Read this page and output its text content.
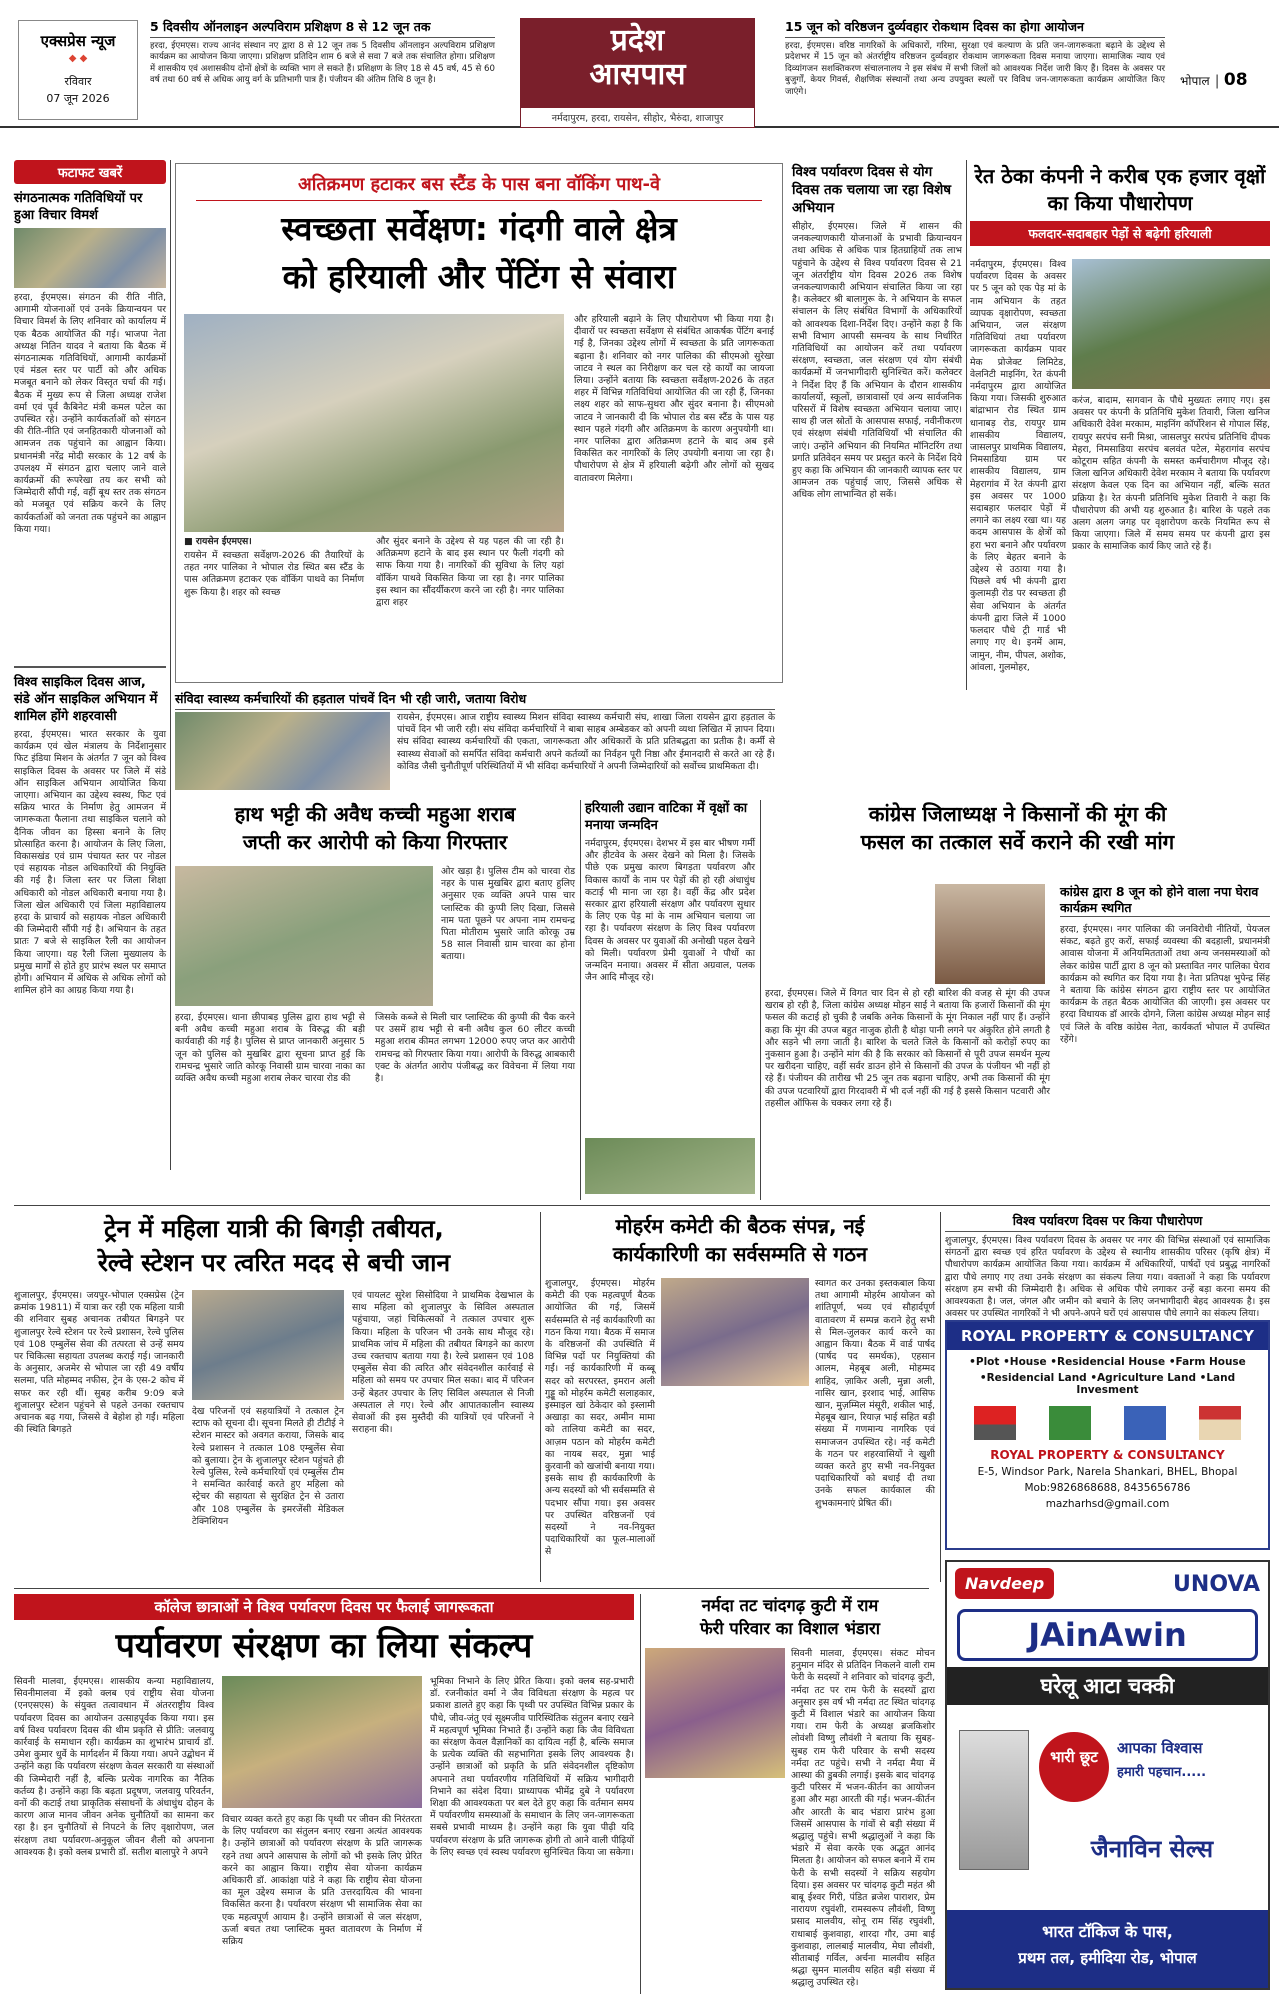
एक्सप्रेस न्यूज
◆ ◆
रविवार
07 जून 2026
5 दिवसीय ऑनलाइन अल्पविराम प्रशिक्षण 8 से 12 जून तक
हरदा, ईएमएस। राज्य आनंद संस्थान नए द्वारा 8 से 12 जून तक 5 दिवसीय ऑनलाइन अल्पविराम प्रशिक्षण कार्यक्रम का आयोजन किया जाएगा। प्रशिक्षण प्रतिदिन शाम 6 बजे से सवा 7 बजे तक संचालित होगा। प्रशिक्षण में शासकीय एवं अशासकीय दोनों क्षेत्रों के व्यक्ति भाग ले सकते हैं। प्रशिक्षण के लिए 18 से 45 वर्ष, 45 से 60 वर्ष तथा 60 वर्ष से अधिक आयु वर्ग के प्रतिभागी पात्र हैं। पंजीयन की अंतिम तिथि 8 जून है।
प्रदेश
आसपास
नर्मदापुरम, हरदा, रायसेन, सीहोर, भैरुंदा, शाजापुर
15 जून को वरिष्ठजन दुर्व्यवहार रोकथाम दिवस का होगा आयोजन
हरदा, ईएमएस। वरिष्ठ नागरिकों के अधिकारों, गरिमा, सुरक्षा एवं कल्याण के प्रति जन-जागरूकता बढ़ाने के उद्देश्य से प्रदेशभर में 15 जून को अंतर्राष्ट्रीय वरिष्ठजन दुर्व्यवहार रोकथाम जागरूकता दिवस मनाया जाएगा। सामाजिक न्याय एवं दिव्यांगजन सशक्तिकरण संचालनालय ने इस संबंध में सभी जिलों को आवश्यक निर्देश जारी किए हैं। दिवस के अवसर पर बुजुर्गों, केयर गिवर्स, शैक्षणिक संस्थानों तथा अन्य उपयुक्त स्थलों पर विविध जन-जागरूकता कार्यक्रम आयोजित किए जाएंगे।
भोपाल | 08
फटाफट खबरें
संगठनात्मक गतिविधियों पर हुआ विचार विमर्श
हरदा, ईएमएस। संगठन की रीति नीति, आगामी योजनाओं एवं उनके क्रियान्वयन पर विचार विमर्श के लिए शनिवार को कार्यालय में एक बैठक आयोजित की गई। भाजपा नेता अध्यक्ष नितिन यादव ने बताया कि बैठक में संगठनात्मक गतिविधियों, आगामी कार्यक्रमों एवं मंडल स्तर पर पार्टी को और अधिक मजबूत बनाने को लेकर विस्तृत चर्चा की गई। बैठक में मुख्य रूप से जिला अध्यक्ष राजेश वर्मा एवं पूर्व कैबिनेट मंत्री कमल पटेल का उपस्थित रहे। उन्होंने कार्यकर्ताओं को संगठन की रीति-नीति एवं जनहितकारी योजनाओं को आमजन तक पहुंचाने का आह्वान किया। प्रधानमंत्री नरेंद्र मोदी सरकार के 12 वर्ष के उपलक्ष्य में संगठन द्वारा चलाए जाने वाले कार्यक्रमों की रूपरेखा तय कर सभी को जिम्मेदारी सौंपी गई, वहीं बूथ स्तर तक संगठन को मजबूत एवं सक्रिय करने के लिए कार्यकर्ताओं को जनता तक पहुंचने का आह्वान किया गया।
विश्व साइकिल दिवस आज, संडे ऑन साइकिल अभियान में शामिल होंगे शहरवासी
हरदा, ईएमएस। भारत सरकार के युवा कार्यक्रम एवं खेल मंत्रालय के निर्देशानुसार फिट इंडिया मिशन के अंतर्गत 7 जून को विश्व साइकिल दिवस के अवसर पर जिले में संडे ऑन साइकिल अभियान आयोजित किया जाएगा। अभियान का उद्देश्य स्वस्थ, फिट एवं सक्रिय भारत के निर्माण हेतु आमजन में जागरूकता फैलाना तथा साइकिल चलाने को दैनिक जीवन का हिस्सा बनाने के लिए प्रोत्साहित करना है। आयोजन के लिए जिला, विकासखंड एवं ग्राम पंचायत स्तर पर नोडल एवं सहायक नोडल अधिकारियों की नियुक्ति की गई है। जिला स्तर पर जिला शिक्षा अधिकारी को नोडल अधिकारी बनाया गया है। जिला खेल अधिकारी एवं जिला महाविद्यालय हरदा के प्राचार्य को सहायक नोडल अधिकारी की जिम्मेदारी सौंपी गई है। अभियान के तहत प्रातः 7 बजे से साइकिल रैली का आयोजन किया जाएगा। यह रैली जिला मुख्यालय के प्रमुख मार्गों से होते हुए प्रारंभ स्थल पर समाप्त होगी। अभियान में अधिक से अधिक लोगों को शामिल होने का आग्रह किया गया है।
अतिक्रमण हटाकर बस स्टैंड के पास बना वॉकिंग पाथ-वे
स्वच्छता सर्वेक्षण: गंदगी वाले क्षेत्र
को हरियाली और पेंटिंग से संवारा
■ रायसेन ईएमएस।
रायसेन में स्वच्छता सर्वेक्षण-2026 की तैयारियों के तहत नगर पालिका ने भोपाल रोड स्थित बस स्टैंड के पास अतिक्रमण हटाकर एक वॉकिंग पाथवे का निर्माण शुरू किया है। शहर को स्वच्छ
और सुंदर बनाने के उद्देश्य से यह पहल की जा रही है। अतिक्रमण हटाने के बाद इस स्थान पर फैली गंदगी को साफ किया गया है। नागरिकों की सुविधा के लिए यहां वॉकिंग पाथवे विकसित किया जा रहा है। नगर पालिका इस स्थान का सौंदर्यीकरण करने जा रही है। नगर पालिका द्वारा शहर
और हरियाली बढ़ाने के लिए पौधारोपण भी किया गया है। दीवारों पर स्वच्छता सर्वेक्षण से संबंधित आकर्षक पेंटिंग बनाई गई है, जिनका उद्देश्य लोगों में स्वच्छता के प्रति जागरूकता बढ़ाना है। शनिवार को नगर पालिका की सीएमओ सुरेखा जाटव ने स्थल का निरीक्षण कर चल रहे कार्यों का जायजा लिया। उन्होंने बताया कि स्वच्छता सर्वेक्षण-2026 के तहत शहर में विभिन्न गतिविधियां आयोजित की जा रही हैं, जिनका लक्ष्य शहर को साफ-सुथरा और सुंदर बनाना है। सीएमओ जाटव ने जानकारी दी कि भोपाल रोड बस स्टैंड के पास यह स्थान पहले गंदगी और अतिक्रमण के कारण अनुपयोगी था। नगर पालिका द्वारा अतिक्रमण हटाने के बाद अब इसे विकसित कर नागरिकों के लिए उपयोगी बनाया जा रहा है। पौधारोपण से क्षेत्र में हरियाली बढ़ेगी और लोगों को सुखद वातावरण मिलेगा।
विश्व पर्यावरण दिवस से योग दिवस तक चलाया जा रहा विशेष अभियान
सीहोर, ईएमएस। जिले में शासन की जनकल्याणकारी योजनाओं के प्रभावी क्रियान्वयन तथा अधिक से अधिक पात्र हितग्राहियों तक लाभ पहुंचाने के उद्देश्य से विश्व पर्यावरण दिवस से 21 जून अंतर्राष्ट्रीय योग दिवस 2026 तक विशेष जनकल्याणकारी अभियान संचालित किया जा रहा है। कलेक्टर श्री बालागुरू के. ने अभियान के सफल संचालन के लिए संबंधित विभागों के अधिकारियों को आवश्यक दिशा-निर्देश दिए। उन्होंने कहा है कि सभी विभाग आपसी समन्वय के साथ निर्धारित गतिविधियों का आयोजन करें तथा पर्यावरण संरक्षण, स्वच्छता, जल संरक्षण एवं योग संबंधी कार्यक्रमों में जनभागीदारी सुनिश्चित करें। कलेक्टर ने निर्देश दिए हैं कि अभियान के दौरान शासकीय कार्यालयों, स्कूलों, छात्रावासों एवं अन्य सार्वजनिक परिसरों में विशेष स्वच्छता अभियान चलाया जाए। साथ ही जल स्रोतों के आसपास सफाई, नवीनीकरण एवं संरक्षण संबंधी गतिविधियाँ भी संचालित की जाएं। उन्होंने अभियान की नियमित मॉनिटरिंग तथा प्रगति प्रतिवेदन समय पर प्रस्तुत करने के निर्देश दिये हुए कहा कि अभियान की जानकारी व्यापक स्तर पर आमजन तक पहुंचाई जाए, जिससे अधिक से अधिक लोग लाभान्वित हो सकें।
रेत ठेका कंपनी ने करीब एक हजार वृक्षों का किया पौधारोपण
फलदार-सदाबहार पेड़ों से बढ़ेगी हरियाली
नर्मदापुरम, ईएमएस। विश्व पर्यावरण दिवस के अवसर पर 5 जून को एक पेड़ मां के नाम अभियान के तहत व्यापक वृक्षारोपण, स्वच्छता अभियान, जल संरक्षण गतिविधियां तथा पर्यावरण जागरूकता कार्यक्रम पावर मेक प्रोजेक्ट लिमिटेड, वेलनिटी माइनिंग, रेत कंपनी नर्मदापुरम द्वारा आयोजित किया गया। जिसकी शुरुआत बांद्राभान रोड स्थित ग्राम धानाबड़ रोड, रायपुर ग्राम शासकीय विद्यालय, जासलपुर प्राथमिक विद्यालय, निमसाडिया ग्राम पर शासकीय विद्यालय, ग्राम मेहरागांव में रेत कंपनी द्वारा इस अवसर पर 1000 सदाबहार फलदार पेड़ों में लगाने का लक्ष्य रखा था। यह कदम आसपास के क्षेत्रों को हरा भरा बनाने और पर्यावरण के लिए बेहतर बनाने के उद्देश्य से उठाया गया है। पिछले वर्ष भी कंपनी द्वारा कुलामड़ी रोड पर स्वच्छता ही सेवा अभियान के अंतर्गत कंपनी द्वारा जिले में 1000 फलदार पौधे ट्री गार्ड भी लगाए गए थे। इनमें आम, जामुन, नीम, पीपल, अशोक, आंवला, गुलमोहर,
करंज, बादाम, सागवान के पौधे मुख्यतः लगाए गए। इस अवसर पर कंपनी के प्रतिनिधि मुकेश तिवारी, जिला खनिज अधिकारी देवेश मरकाम, माइनिंग कॉर्पोरेशन से गोपाल सिंह, रायपुर सरपंच सनी मिश्रा, जासलपुर सरपंच प्रतिनिधि दीपक मेहरा, निमसाडिया सरपंच बलवंत पटेल, मेहरागांव सरपंच कोटूराम सहित कंपनी के समस्त कर्मचारीगण मौजूद रहे। जिला खनिज अधिकारी देवेश मरकाम ने बताया कि पर्यावरण संरक्षण केवल एक दिन का अभियान नहीं, बल्कि सतत प्रक्रिया है। रेत कंपनी प्रतिनिधि मुकेश तिवारी ने कहा कि पौधारोपण की अभी यह शुरुआत है। बारिश के पहले तक अलग अलग जगह पर वृक्षारोपण करके नियमित रूप से किया जाएगा। जिले में समय समय पर कंपनी द्वारा इस प्रकार के सामाजिक कार्य किए जाते रहे हैं।
संविदा स्वास्थ्य कर्मचारियों की हड़ताल पांचवें दिन भी रही जारी, जताया विरोध
रायसेन, ईएमएस। आज राष्ट्रीय स्वास्थ्य मिशन संविदा स्वास्थ्य कर्मचारी संघ, शाखा जिला रायसेन द्वारा हड़ताल के पांचवें दिन भी जारी रही। संघ संविदा कर्मचारियों ने बाबा साहब अम्बेडकर को अपनी व्यथा लिखित में ज्ञापन दिया। संघ संविदा स्वास्थ्य कर्मचारियों की एकता, जागरूकता और अधिकारों के प्रति प्रतिबद्धता का प्रतीक है। कर्मी से स्वास्थ्य सेवाओं को समर्पित संविदा कर्मचारी अपने कर्तव्यों का निर्वहन पूरी निष्ठा और ईमानदारी से करते आ रहे हैं। कोविड जैसी चुनौतीपूर्ण परिस्थितियों में भी संविदा कर्मचारियों ने अपनी जिम्मेदारियों को सर्वोच्च प्राथमिकता दी।
हाथ भट्टी की अवैध कच्ची महुआ शराब
जप्ती कर आरोपी को किया गिरफ्तार
ओर खड़ा है। पुलिस टीम को चारवा रोड नहर के पास मुखबिर द्वारा बताए हुलिए अनुसार एक व्यक्ति अपने पास चार प्लास्टिक की कुप्पी लिए दिखा, जिससे नाम पता पूछने पर अपना नाम रामचन्द्र पिता मोतीराम भुसारे जाति कोरकू उम्र 58 साल निवासी ग्राम चारवा का होना बताया।
हरदा, ईएमएस। थाना छीपाबड़ पुलिस द्वारा हाथ भट्टी से बनी अवैध कच्ची महुआ शराब के विरुद्ध की बड़ी कार्यवाही की गई है। पुलिस से प्राप्त जानकारी अनुसार 5 जून को पुलिस को मुखबिर द्वारा सूचना प्राप्त हुई कि रामचन्द्र भुसारे जाति कोरकू निवासी ग्राम चारवा नाका का व्यक्ति अवैध कच्ची महुआ शराब लेकर चारवा रोड की
जिसके कब्जे से मिली चार प्लास्टिक की कुप्पी की चैक करने पर उसमें हाथ भट्टी से बनी अवैध कुल 60 लीटर कच्ची महुआ शराब कीमत लगभग 12000 रुपए जप्त कर आरोपी रामचन्द्र को गिरफ्तार किया गया। आरोपी के विरुद्ध आबकारी एक्ट के अंतर्गत आरोप पंजीबद्ध कर विवेचना में लिया गया है।
हरियाली उद्यान वाटिका में वृक्षों का मनाया जन्मदिन
नर्मदापुरम, ईएमएस। देशभर में इस बार भीषण गर्मी और हीटवेव के असर देखने को मिला है। जिसके पीछे एक प्रमुख कारण बिगड़ता पर्यावरण और विकास कार्यों के नाम पर पेड़ों की हो रही अंधाधुंध कटाई भी माना जा रहा है। वहीं केंद्र और प्रदेश सरकार द्वारा हरियाली संरक्षण और पर्यावरण सुधार के लिए एक पेड़ मां के नाम अभियान चलाया जा रहा है। पर्यावरण संरक्षण के लिए विश्व पर्यावरण दिवस के अवसर पर युवाओं की अनोखी पहल देखने को मिली। पर्यावरण प्रेमी युवाओं ने पौधों का जन्मदिन मनाया। अवसर में सीता अग्रवाल, पलक जैन आदि मौजूद रहे।
कांग्रेस जिलाध्यक्ष ने किसानों की मूंग की
फसल का तत्काल सर्वे कराने की रखी मांग
हरदा, ईएमएस। जिले में विगत चार दिन से हो रही बारिश की वजह से मूंग की उपज खराब हो रही है, जिला कांग्रेस अध्यक्ष मोहन साई ने बताया कि हजारों किसानों की मूंग फसल की कटाई हो चुकी है जबकि अनेक किसानों के मूंग निकाल नहीं पाए हैं। उन्होंने कहा कि मूंग की उपज बहुत नाजुक होती है थोड़ा पानी लगने पर अंकुरित होने लगती है और सड़ने भी लगा जाती है। बारिश के चलते जिले के किसानों को करोड़ों रुपए का नुकसान हुआ है। उन्होंने मांग की है कि सरकार को किसानों से पूरी उपज समर्थन मूल्य पर खरीदना चाहिए, वहीं सर्वर डाउन होने से किसानों की उपज के पंजीयन भी नहीं हो रहे हैं। पंजीयन की तारीख भी 25 जून तक बढ़ाना चाहिए, अभी तक किसानों की मूंग की उपज पटवारियों द्वारा गिरदावरी में भी दर्ज नहीं की गई है इससे किसान पटवारी और तहसील ऑफिस के चक्कर लगा रहे हैं।
कांग्रेस द्वारा 8 जून को होने वाला नपा घेराव कार्यक्रम स्थगित
हरदा, ईएमएस। नगर पालिका की जनविरोधी नीतियों, पेयजल संकट, बढ़ते हुए करों, सफाई व्यवस्था की बदहाली, प्रधानमंत्री आवास योजना में अनियमितताओं तथा अन्य जनसमस्याओं को लेकर कांग्रेस पार्टी द्वारा 8 जून को प्रस्तावित नगर पालिका घेराव कार्यक्रम को स्थगित कर दिया गया है। नेता प्रतिपक्ष भुपेन्द्र सिंह ने बताया कि कांग्रेस संगठन द्वारा राष्ट्रीय स्तर पर आयोजित कार्यक्रम के तहत बैठक आयोजित की जाएगी। इस अवसर पर हरदा विधायक डॉ आरके दोगने, जिला कांग्रेस अध्यक्ष मोहन साई एवं जिले के वरिष्ठ कांग्रेस नेता, कार्यकर्ता भोपाल में उपस्थित रहेंगे।
ट्रेन में महिला यात्री की बिगड़ी तबीयत,
रेल्वे स्टेशन पर त्वरित मदद से बची जान
शुजालपुर, ईएमएस। जयपुर-भोपाल एक्सप्रेस (ट्रेन क्रमांक 19811) में यात्रा कर रही एक महिला यात्री की शनिवार सुबह अचानक तबीयत बिगड़ने पर शुजालपुर रेल्वे स्टेशन पर रेल्वे प्रशासन, रेल्वे पुलिस एवं 108 एम्बुलेंस सेवा की तत्परता से उन्हें समय पर चिकित्सा सहायता उपलब्ध कराई गई। जानकारी के अनुसार, अजमेर से भोपाल जा रही 49 वर्षीय सलमा, पति मोहम्मद नफीस, ट्रेन के एस-2 कोच में सफर कर रही थीं। सुबह करीब 9:09 बजे शुजालपुर स्टेशन पहुंचने से पहले उनका रक्तचाप अचानक बढ़ गया, जिससे वे बेहोश हो गईं। महिला की स्थिति बिगड़ते
देख परिजनों एवं सहयात्रियों ने तत्काल ट्रेन स्टाफ को सूचना दी। सूचना मिलते ही टीटीई ने स्टेशन मास्टर को अवगत कराया, जिसके बाद रेल्वे प्रशासन ने तत्काल 108 एम्बुलेंस सेवा को बुलाया। ट्रेन के शुजालपुर स्टेशन पहुंचते ही रेल्वे पुलिस, रेल्वे कर्मचारियों एवं एम्बुलेंस टीम ने समन्वित कार्रवाई करते हुए महिला को स्ट्रेचर की सहायता से सुरक्षित ट्रेन से उतारा और 108 एम्बुलेंस के इमरजेंसी मेडिकल टेक्निशियन
एवं पायलट सुरेश सिसोदिया ने प्राथमिक देखभाल के साथ महिला को शुजालपुर के सिविल अस्पताल पहुंचाया, जहां चिकित्सकों ने तत्काल उपचार शुरू किया। महिला के परिजन भी उनके साथ मौजूद रहे। प्राथमिक जांच में महिला की तबीयत बिगड़ने का कारण उच्च रक्तचाप बताया गया है। रेल्वे प्रशासन एवं 108 एम्बुलेंस सेवा की त्वरित और संवेदनशील कार्रवाई से महिला को समय पर उपचार मिल सका। बाद में परिजन उन्हें बेहतर उपचार के लिए सिविल अस्पताल से निजी अस्पताल ले गए। रेल्वे और आपातकालीन स्वास्थ्य सेवाओं की इस मुस्तैदी की यात्रियों एवं परिजनों ने सराहना की।
मोहर्रम कमेटी की बैठक संपन्न, नई
कार्यकारिणी का सर्वसम्मति से गठन
शुजालपुर, ईएमएस। मोहर्रम कमेटी की एक महत्वपूर्ण बैठक आयोजित की गई, जिसमें सर्वसम्मति से नई कार्यकारिणी का गठन किया गया। बैठक में समाज के वरिष्ठजनों की उपस्थिति में विभिन्न पदों पर नियुक्तियां की गईं। नई कार्यकारिणी में कब्बू सदर को सरपरस्त, इमरान अली गुड्डू को मोहर्रम कमेटी सलाहकार, इस्माइल खां ठेकेदार को इस्लामी अखाड़ा का सदर, अमीन मामा को तालिया कमेटी का सदर, आज़म पठान को मोहर्रम कमेटी का नायब सदर, मुन्ना भाई कुरवानी को खजांची बनाया गया। इसके साथ ही कार्यकारिणी के अन्य सदस्यों को भी सर्वसम्मति से पदभार सौंपा गया। इस अवसर पर उपस्थित वरिष्ठजनों एवं सदस्यों ने नव-नियुक्त पदाधिकारियों का फूल-मालाओं से
स्वागत कर उनका इस्तकबाल किया तथा आगामी मोहर्रम आयोजन को शांतिपूर्ण, भव्य एवं सौहार्दपूर्ण वातावरण में सम्पन्न कराने हेतु सभी से मिल-जुलकर कार्य करने का आह्वान किया। बैठक में वार्ड पार्षद (पार्षद पद समर्थक), एहसान आलम, मेहबूब अली, मोहम्मद शाहिद, ज़ाकिर अली, मुन्ना अली, नासिर खान, इरशाद भाई, आसिफ खान, मुज़म्मिल मंसूरी, शकील भाई, मेहबूब खान, रियाज़ भाई सहित बड़ी संख्या में गणमान्य नागरिक एवं समाजजन उपस्थित रहे। नई कमेटी के गठन पर शहरवासियों ने खुशी व्यक्त करते हुए सभी नव-नियुक्त पदाधिकारियों को बधाई दी तथा उनके सफल कार्यकाल की शुभकामनाएं प्रेषित कीं।
विश्व पर्यावरण दिवस पर किया पौधारोपण
शुजालपुर, ईएमएस। विश्व पर्यावरण दिवस के अवसर पर नगर की विभिन्न संस्थाओं एवं सामाजिक संगठनों द्वारा स्वच्छ एवं हरित पर्यावरण के उद्देश्य से स्थानीय शासकीय परिसर (कृषि क्षेत्र) में पौधारोपण कार्यक्रम आयोजित किया गया। कार्यक्रम में अधिकारियों, पार्षदों एवं प्रबुद्ध नागरिकों द्वारा पौधे लगाए गए तथा उनके संरक्षण का संकल्प लिया गया। वक्ताओं ने कहा कि पर्यावरण संरक्षण हम सभी की जिम्मेदारी है। अधिक से अधिक पौधे लगाकर उन्हें बड़ा करना समय की आवश्यकता है। जल, जंगल और जमीन को बचाने के लिए जनभागीदारी बेहद आवश्यक है। इस अवसर पर उपस्थित नागरिकों ने भी अपने-अपने घरों एवं आसपास पौधे लगाने का संकल्प लिया।
ROYAL PROPERTY & CONSULTANCY
•Plot •House •Residencial House •Farm House
•Residencial Land •Agriculture Land •Land Invesment
ROYAL PROPERTY & CONSULTANCY
E-5, Windsor Park, Narela Shankari, BHEL, Bhopal
Mob:9826868688, 8435656786
mazharhsd@gmail.com
कॉलेज छात्राओं ने विश्व पर्यावरण दिवस पर फैलाई जागरूकता
पर्यावरण संरक्षण का लिया संकल्प
सिवनी मालवा, ईएमएस। शासकीय कन्या महाविद्यालय, सिवनीमालवा में इको क्लब एवं राष्ट्रीय सेवा योजना (एनएसएस) के संयुक्त तत्वावधान में अंतरराष्ट्रीय विश्व पर्यावरण दिवस का आयोजन उत्साहपूर्वक किया गया। इस वर्ष विश्व पर्यावरण दिवस की थीम प्रकृति से प्रीति: जलवायु कार्रवाई के समाधान रही। कार्यक्रम का शुभारंभ प्राचार्य डॉ. उमेश कुमार धुर्वे के मार्गदर्शन में किया गया। अपने उद्बोधन में उन्होंने कहा कि पर्यावरण संरक्षण केवल सरकारी या संस्थाओं की जिम्मेदारी नहीं है, बल्कि प्रत्येक नागरिक का नैतिक कर्तव्य है। उन्होंने कहा कि बढ़ता प्रदूषण, जलवायु परिवर्तन, वनों की कटाई तथा प्राकृतिक संसाधनों के अंधाधुंध दोहन के कारण आज मानव जीवन अनेक चुनौतियों का सामना कर रहा है। इन चुनौतियों से निपटने के लिए वृक्षारोपण, जल संरक्षण तथा पर्यावरण-अनुकूल जीवन शैली को अपनाना आवश्यक है। इको क्लब प्रभारी डॉ. सतीश बालापुरे ने अपने
विचार व्यक्त करते हुए कहा कि पृथ्वी पर जीवन की निरंतरता के लिए पर्यावरण का संतुलन बनाए रखना अत्यंत आवश्यक है। उन्होंने छात्राओं को पर्यावरण संरक्षण के प्रति जागरूक रहने तथा अपने आसपास के लोगों को भी इसके लिए प्रेरित करने का आह्वान किया। राष्ट्रीय सेवा योजना कार्यक्रम अधिकारी डॉ. आकांक्षा पांडे ने कहा कि राष्ट्रीय सेवा योजना का मूल उद्देश्य समाज के प्रति उत्तरदायित्व की भावना विकसित करना है। पर्यावरण संरक्षण भी सामाजिक सेवा का एक महत्वपूर्ण आयाम है। उन्होंने छात्राओं से जल संरक्षण, ऊर्जा बचत तथा प्लास्टिक मुक्त वातावरण के निर्माण में सक्रिय
भूमिका निभाने के लिए प्रेरित किया। इको क्लब सह-प्रभारी डॉ. रजनीकांत वर्मा ने जैव विविधता संरक्षण के महत्व पर प्रकाश डालते हुए कहा कि पृथ्वी पर उपस्थित विभिन्न प्रकार के पौधे, जीव-जंतु एवं सूक्ष्मजीव पारिस्थितिक संतुलन बनाए रखने में महत्वपूर्ण भूमिका निभाते हैं। उन्होंने कहा कि जैव विविधता का संरक्षण केवल वैज्ञानिकों का दायित्व नहीं है, बल्कि समाज के प्रत्येक व्यक्ति की सहभागिता इसके लिए आवश्यक है। उन्होंने छात्राओं को प्रकृति के प्रति संवेदनशील दृष्टिकोण अपनाने तथा पर्यावरणीय गतिविधियों में सक्रिय भागीदारी निभाने का संदेश दिया। प्राध्यापक भीमेंद्र दुबे ने पर्यावरण शिक्षा की आवश्यकता पर बल देते हुए कहा कि वर्तमान समय में पर्यावरणीय समस्याओं के समाधान के लिए जन-जागरूकता सबसे प्रभावी माध्यम है। उन्होंने कहा कि युवा पीढ़ी यदि पर्यावरण संरक्षण के प्रति जागरूक होगी तो आने वाली पीढ़ियों के लिए स्वच्छ एवं स्वस्थ पर्यावरण सुनिश्चित किया जा सकेगा।
नर्मदा तट चांदगढ़ कुटी में राम
फेरी परिवार का विशाल भंडारा
सिवनी मालवा, ईएमएस। संकट मोचन हनुमान मंदिर से प्रतिदिन निकलने वाली राम फेरी के सदस्यों ने शनिवार को चांदगढ़ कुटी, नर्मदा तट पर राम फेरी के सदस्यों द्वारा अनुसार इस वर्ष भी नर्मदा तट स्थित चांदगढ़ कुटी में विशाल भंडारे का आयोजन किया गया। राम फेरी के अध्यक्ष ब्रजकिशोर लोवंशी विष्णु लौवंशी ने बताया कि सुबह-सुबह राम फेरी परिवार के सभी सदस्य नर्मदा तट पहुंचे। सभी ने नर्मदा मैया में आस्था की डुबकी लगाई। इसके बाद चांदगढ़ कुटी परिसर में भजन-कीर्तन का आयोजन हुआ और महा आरती की गई। भजन-कीर्तन और आरती के बाद भंडारा प्रारंभ हुआ जिसमें आसपास के गांवों से बड़ी संख्या में श्रद्धालु पहुंचे। सभी श्रद्धालुओं ने कहा कि भंडारे में सेवा करके एक अद्भुत आनंद मिलता है। आयोजन को सफल बनाने में राम फेरी के सभी सदस्यों ने सक्रिय सहयोग दिया। इस अवसर पर चांदगढ़ कुटी महंत श्री बाबू ईश्वर गिरी, पंडित ब्रजेश पाराशर, प्रेम नारायण रघुवंशी, रामस्वरूप लौवंशी, विष्णु प्रसाद मालवीय, सोनू राम सिंह रघुवंशी, राधाबाई कुशवाहा, शारदा गौर, उमा बाई कुशवाहा, लालबाई मालवीय, मेघा लौवंशी, सीताबाई गर्विल, अर्चना मालवीय सहित श्रद्धा सुमन मालवीय सहित बड़ी संख्या में श्रद्धालु उपस्थित रहे।
Navdeep	UNOVA
JAinAwin
घरेलू आटा चक्की
भारी छूट	आपका विश्वास
हमारी पहचान.....
जैनाविन सेल्स
भारत टॉकिज के पास,
प्रथम तल, हमीदिया रोड, भोपाल
